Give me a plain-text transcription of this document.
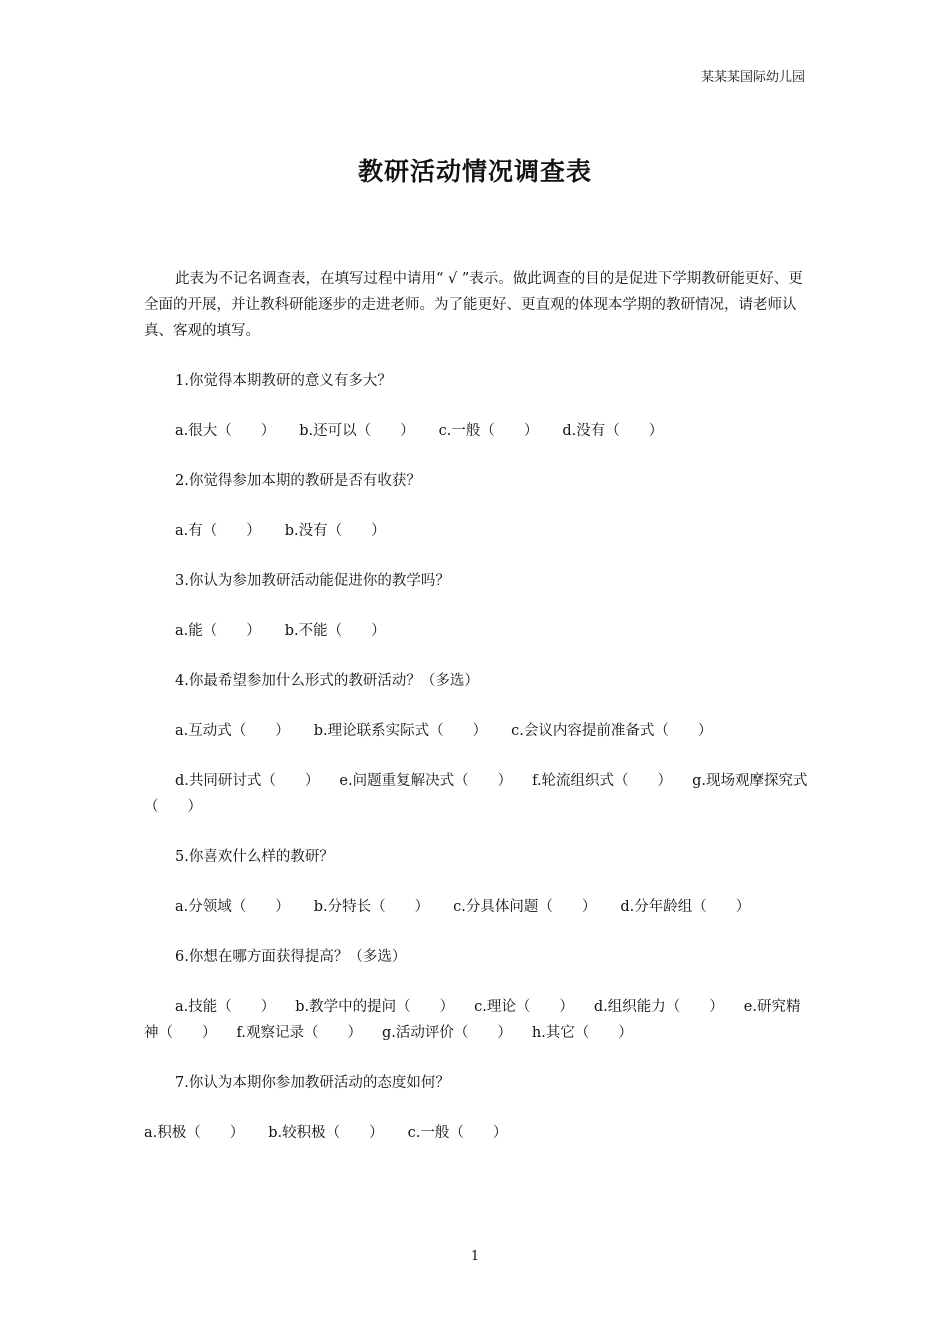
某某某国际幼儿园
教研活动情况调查表

此表为不记名调查表，在填写过程中请用“ √ ”表示。做此调查的目的是促进下学期教研能更好、更全面的开展，并让教科研能逐步的走进老师。为了能更好、更直观的体现本学期的教研情况，请老师认真、客观的填写。

1.你觉得本期教研的意义有多大？

a.很大（　　） b.还可以（　　） c.一般（　　） d.没有（　　）

2.你觉得参加本期的教研是否有收获？

a.有（　　） b.没有（　　）

3.你认为参加教研活动能促进你的教学吗？

a.能（　　） b.不能（　　）

4.你最希望参加什么形式的教研活动？（多选）

a.互动式（　　） b.理论联系实际式（　　） c.会议内容提前准备式（　　）

d.共同研讨式（　　） e.问题重复解决式（　　） f.轮流组织式（　　） g.现场观摩探究式（　　）

5.你喜欢什么样的教研？

a.分领域（　　） b.分特长（　　） c.分具体问题（　　） d.分年龄组（　　）

6.你想在哪方面获得提高？（多选）

a.技能（　　） b.教学中的提问（　　） c.理论（　　） d.组织能力（　　） e.研究精神（　　） f.观察记录（　　） g.活动评价（　　） h.其它（　　）

7.你认为本期你参加教研活动的态度如何？

a.积极（　　） b.较积极（　　） c.一般（　　）

1
